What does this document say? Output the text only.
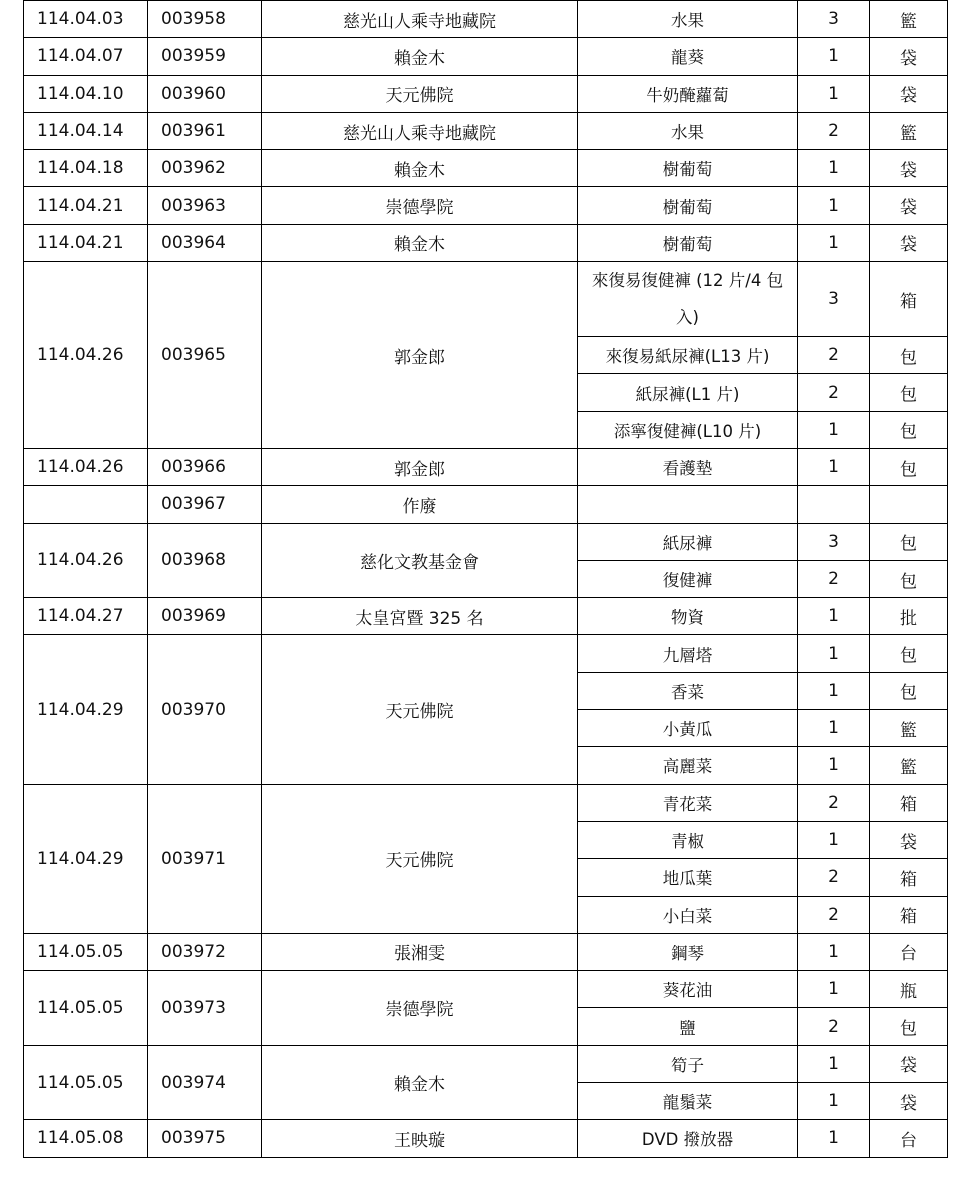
114.04.03	003958	慈光山人乘寺地藏院	水果	3	籃
114.04.07	003959	賴金木	龍葵	1	袋
114.04.10	003960	天元佛院	牛奶醃蘿蔔	1	袋
114.04.14	003961	慈光山人乘寺地藏院	水果	2	籃
114.04.18	003962	賴金木	樹葡萄	1	袋
114.04.21	003963	崇德學院	樹葡萄	1	袋
114.04.21	003964	賴金木	樹葡萄	1	袋
114.04.26	003965	郭金郎	來復易復健褲 (12 片/4 包入)	3	箱
			來復易紙尿褲(L13 片)	2	包
			紙尿褲(L1 片)	2	包
			添寧復健褲(L10 片)	1	包
114.04.26	003966	郭金郎	看護墊	1	包
	003967	作廢			
114.04.26	003968	慈化文教基金會	紙尿褲	3	包
			復健褲	2	包
114.04.27	003969	太皇宮暨 325 名	物資	1	批
114.04.29	003970	天元佛院	九層塔	1	包
			香菜	1	包
			小黃瓜	1	籃
			高麗菜	1	籃
114.04.29	003971	天元佛院	青花菜	2	箱
			青椒	1	袋
			地瓜葉	2	箱
			小白菜	2	箱
114.05.05	003972	張湘雯	鋼琴	1	台
114.05.05	003973	崇德學院	葵花油	1	瓶
			鹽	2	包
114.05.05	003974	賴金木	筍子	1	袋
			龍鬚菜	1	袋
114.05.08	003975	王映璇	DVD 撥放器	1	台
